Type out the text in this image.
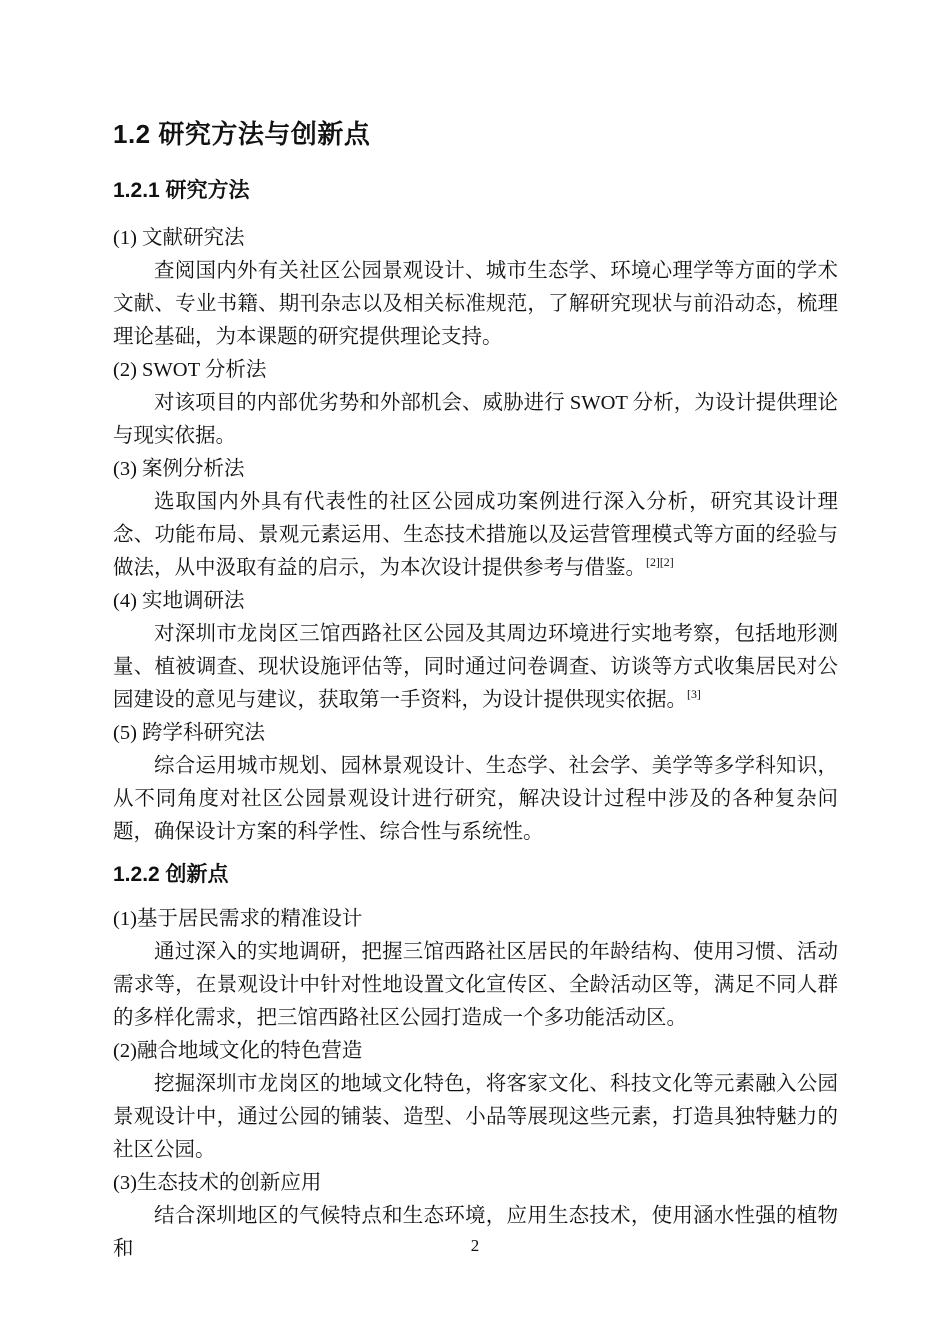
1.2 研究方法与创新点
1.2.1 研究方法

(1) 文献研究法

查阅国内外有关社区公园景观设计、城市生态学、环境心理学等方面的学术文献、专业书籍、期刊杂志以及相关标准规范，了解研究现状与前沿动态，梳理理论基础，为本课题的研究提供理论支持。

(2) SWOT 分析法

对该项目的内部优劣势和外部机会、威胁进行 SWOT 分析，为设计提供理论与现实依据。

(3) 案例分析法

选取国内外具有代表性的社区公园成功案例进行深入分析，研究其设计理念、功能布局、景观元素运用、生态技术措施以及运营管理模式等方面的经验与做法，从中汲取有益的启示，为本次设计提供参考与借鉴。[2][2]

(4) 实地调研法

对深圳市龙岗区三馆西路社区公园及其周边环境进行实地考察，包括地形测量、植被调查、现状设施评估等，同时通过问卷调查、访谈等方式收集居民对公园建设的意见与建议，获取第一手资料，为设计提供现实依据。[3]

(5) 跨学科研究法

综合运用城市规划、园林景观设计、生态学、社会学、美学等多学科知识，从不同角度对社区公园景观设计进行研究，解决设计过程中涉及的各种复杂问题，确保设计方案的科学性、综合性与系统性。

1.2.2 创新点

(1)基于居民需求的精准设计

通过深入的实地调研，把握三馆西路社区居民的年龄结构、使用习惯、活动需求等，在景观设计中针对性地设置文化宣传区、全龄活动区等，满足不同人群的多样化需求，把三馆西路社区公园打造成一个多功能活动区。

(2)融合地域文化的特色营造

挖掘深圳市龙岗区的地域文化特色，将客家文化、科技文化等元素融入公园景观设计中，通过公园的铺装、造型、小品等展现这些元素，打造具独特魅力的社区公园。

(3)生态技术的创新应用

结合深圳地区的气候特点和生态环境，应用生态技术，使用涵水性强的植物和	2
